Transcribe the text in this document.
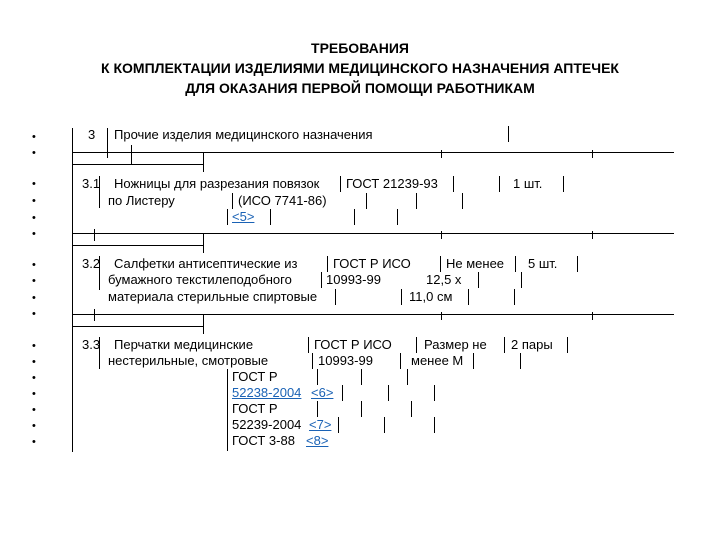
ТРЕБОВАНИЯ
К КОМПЛЕКТАЦИИ ИЗДЕЛИЯМИ МЕДИЦИНСКОГО НАЗНАЧЕНИЯ АПТЕЧЕК
ДЛЯ ОКАЗАНИЯ ПЕРВОЙ ПОМОЩИ РАБОТНИКАМ
•
•
•
•
•
•
•
•
•
•
•
•
•
•
•
•
•
3 Прочие изделия медицинского назначения
3.1 Ножницы для разрезания повязок
по Листеру
ГОСТ 21239-93
(ИСО 7741-86)
<5>
1 шт.
3.2 Салфетки антисептические из
бумажного текстилеподобного
материала стерильные спиртовые
ГОСТ Р ИСО
10993-99
Не менее
12,5 х
11,0 см
5 шт.
3.3 Перчатки медицинские
нестерильные, смотровые
ГОСТ Р ИСО
10993-99
ГОСТ Р
52238-2004 <6>
ГОСТ Р
52239-2004 <7>
ГОСТ 3-88 <8>
Размер не
менее М
2 пары
